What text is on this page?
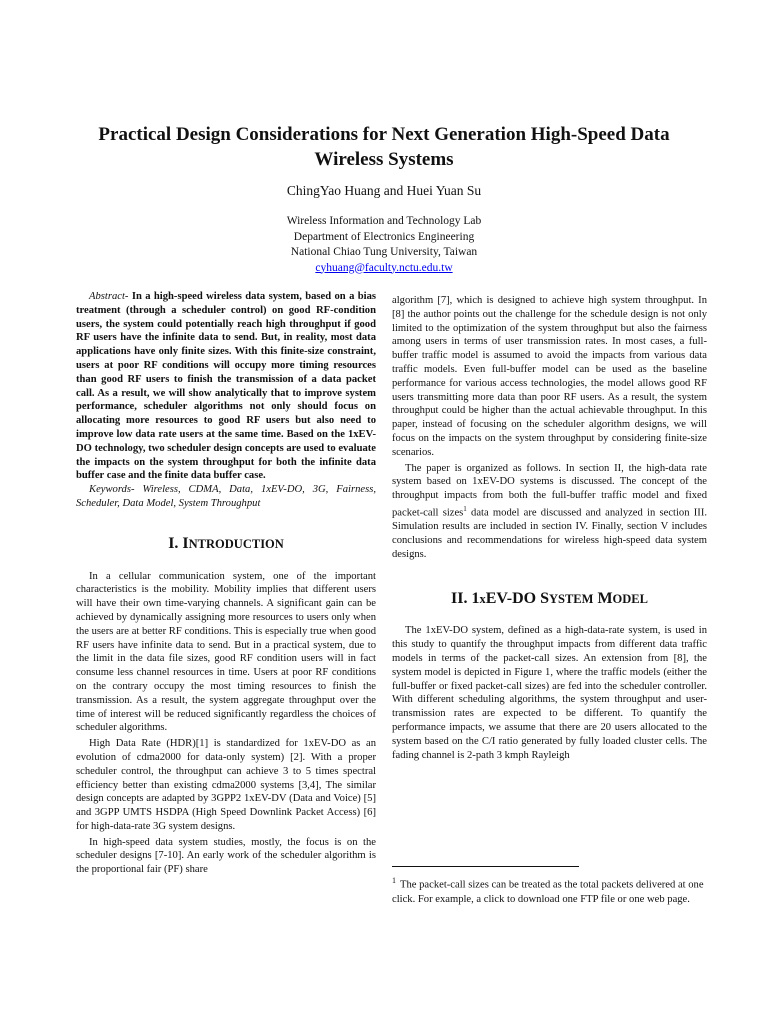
Practical Design Considerations for Next Generation High-Speed Data Wireless Systems
ChingYao Huang and Huei Yuan Su
Wireless Information and Technology Lab
Department of Electronics Engineering
National Chiao Tung University, Taiwan
cyhuang@faculty.nctu.edu.tw

Abstract- In a high-speed wireless data system, based on a bias treatment (through a scheduler control) on good RF-condition users, the system could potentially reach high throughput if good RF users have the infinite data to send. But, in reality, most data applications have only finite sizes. With this finite-size constraint, users at poor RF conditions will occupy more timing resources than good RF users to finish the transmission of a data packet call. As a result, we will show analytically that to improve system performance, scheduler algorithms not only should focus on allocating more resources to good RF users but also need to improve low data rate users at the same time. Based on the 1xEV-DO technology, two scheduler design concepts are used to evaluate the impacts on the system throughput for both the infinite data buffer case and the finite data buffer case.

Keywords- Wireless, CDMA, Data, 1xEV-DO, 3G, Fairness, Scheduler, Data Model, System Throughput

I. INTRODUCTION

In a cellular communication system, one of the important characteristics is the mobility. Mobility implies that different users will have their own time-varying channels. A significant gain can be achieved by dynamically assigning more resources to users only when the users are at better RF conditions. This is especially true when good RF users have infinite data to send. But in a practical system, due to the limit in the data file sizes, good RF condition users will in fact consume less channel resources in time. Users at poor RF conditions on the contrary occupy the most timing resources to finish the transmission. As a result, the system aggregate throughput over the time of interest will be reduced significantly regardless the choices of scheduler algorithms.

High Data Rate (HDR)[1] is standardized for 1xEV-DO as an evolution of cdma2000 for data-only system) [2]. With a proper scheduler control, the throughput can achieve 3 to 5 times spectral efficiency better than existing cdma2000 systems [3,4], The similar design concepts are adapted by 3GPP2 1xEV-DV (Data and Voice) [5] and 3GPP UMTS HSDPA (High Speed Downlink Packet Access) [6] for high-data-rate 3G system designs.

In high-speed data system studies, mostly, the focus is on the scheduler designs [7-10]. An early work of the scheduler algorithm is the proportional fair (PF) share

algorithm [7], which is designed to achieve high system throughput. In [8] the author points out the challenge for the schedule design is not only limited to the optimization of the system throughput but also the fairness among users in terms of user transmission rates. In most cases, a full-buffer traffic model is assumed to avoid the impacts from various data traffic models. Even full-buffer model can be used as the baseline performance for various access technologies, the model allows good RF users transmitting more data than poor RF users. As a result, the system throughput could be higher than the actual achievable throughput. In this paper, instead of focusing on the scheduler algorithm designs, we will focus on the impacts on the system throughput by considering finite-size scenarios.

The paper is organized as follows. In section II, the high-data rate system based on 1xEV-DO systems is discussed. The concept of the throughput impacts from both the full-buffer traffic model and fixed packet-call sizes$^1$ data model are discussed and analyzed in section III. Simulation results are included in section IV. Finally, section V includes conclusions and recommendations for wireless high-speed data system designs.

II. 1xEV-DO SYSTEM MODEL

The 1xEV-DO system, defined as a high-data-rate system, is used in this study to quantify the throughput impacts from different data traffic models in terms of the packet-call sizes. An extension from [8], the system model is depicted in Figure 1, where the traffic models (either the full-buffer or fixed packet-call sizes) are fed into the scheduler controller. With different scheduling algorithms, the system throughput and user-transmission rates are expected to be different. To quantify the performance impacts, we assume that there are 20 users allocated to the system based on the C/I ratio generated by fully loaded cluster cells. The fading channel is 2-path 3 kmph Rayleigh

$^1$ The packet-call sizes can be treated as the total packets delivered at one click. For example, a click to download one FTP file or one web page.
